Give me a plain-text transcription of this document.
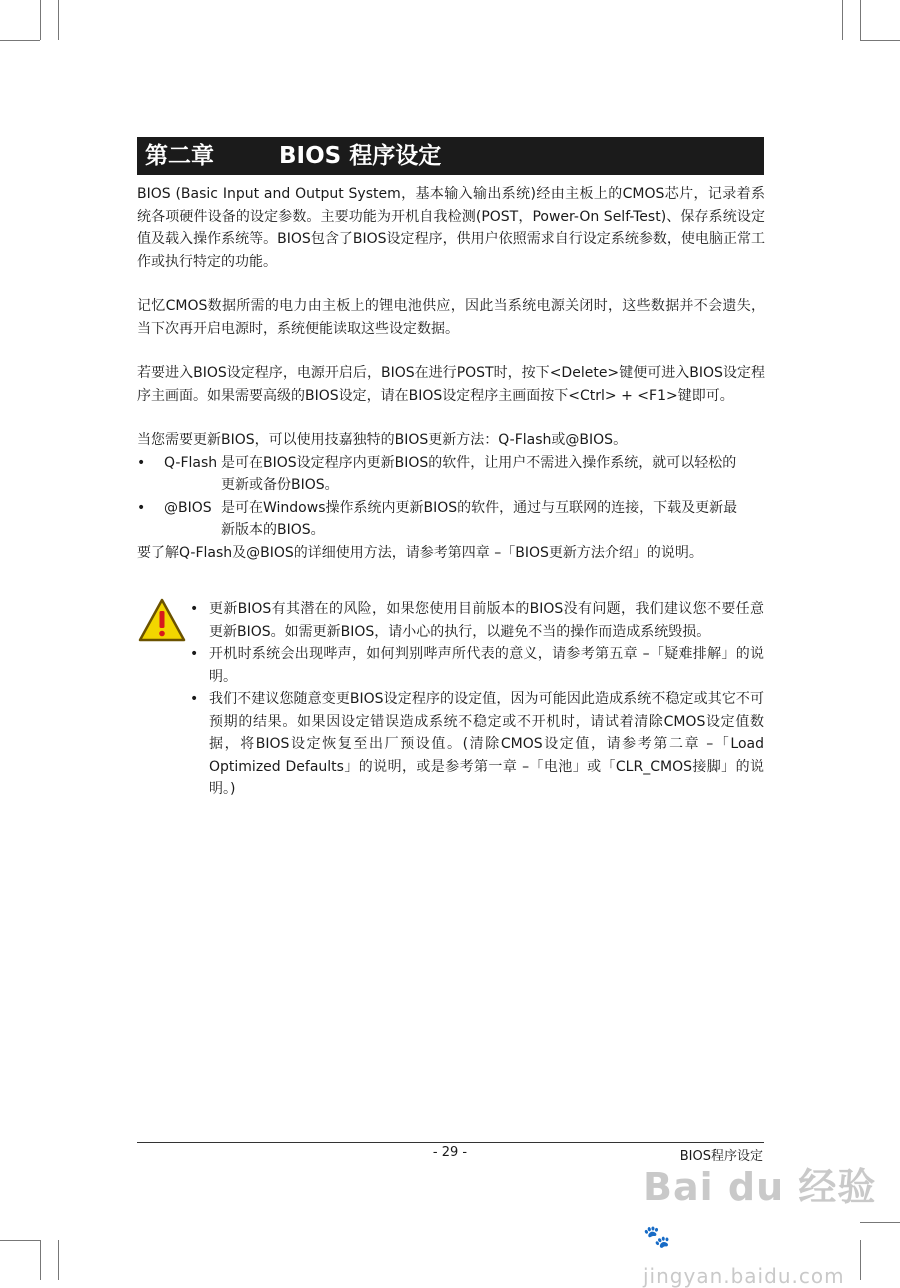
第二章	BIOS 程序设定

BIOS (Basic Input and Output System，基本输入输出系统)经由主板上的CMOS芯片，记录着系统各项硬件设备的设定参数。主要功能为开机自我检测(POST，Power-On Self-Test)、保存系统设定值及载入操作系统等。BIOS包含了BIOS设定程序，供用户依照需求自行设定系统参数，使电脑正常工作或执行特定的功能。

记忆CMOS数据所需的电力由主板上的锂电池供应，因此当系统电源关闭时，这些数据并不会遗失，当下次再开启电源时，系统便能读取这些设定数据。

若要进入BIOS设定程序，电源开启后，BIOS在进行POST时，按下<Delete>键便可进入BIOS设定程序主画面。如果需要高级的BIOS设定，请在BIOS设定程序主画面按下<Ctrl> + <F1>键即可。

当您需要更新BIOS，可以使用技嘉独特的BIOS更新方法：Q-Flash或@BIOS。

•	Q-Flash 是可在BIOS设定程序内更新BIOS的软件，让用户不需进入操作系统，就可以轻松的更新或备份BIOS。
•	@BIOS 是可在Windows操作系统内更新BIOS的软件，通过与互联网的连接，下载及更新最新版本的BIOS。

要了解Q-Flash及@BIOS的详细使用方法，请参考第四章 –「BIOS更新方法介绍」的说明。

• 更新BIOS有其潜在的风险，如果您使用目前版本的BIOS没有问题，我们建议您不要任意更新BIOS。如需更新BIOS，请小心的执行，以避免不当的操作而造成系统毁损。
• 开机时系统会出现哔声，如何判别哔声所代表的意义，请参考第五章 –「疑难排解」的说明。
• 我们不建议您随意变更BIOS设定程序的设定值，因为可能因此造成系统不稳定或其它不可预期的结果。如果因设定错误造成系统不稳定或不开机时，请试着清除CMOS设定值数据，将BIOS设定恢复至出厂预设值。(清除CMOS设定值，请参考第二章 –「Load Optimized Defaults」的说明，或是参考第一章 –「电池」或「CLR_CMOS接脚」的说明。)
- 29 -	BIOS程序设定
Bai du 经验 🐾
jingyan.baidu.com
